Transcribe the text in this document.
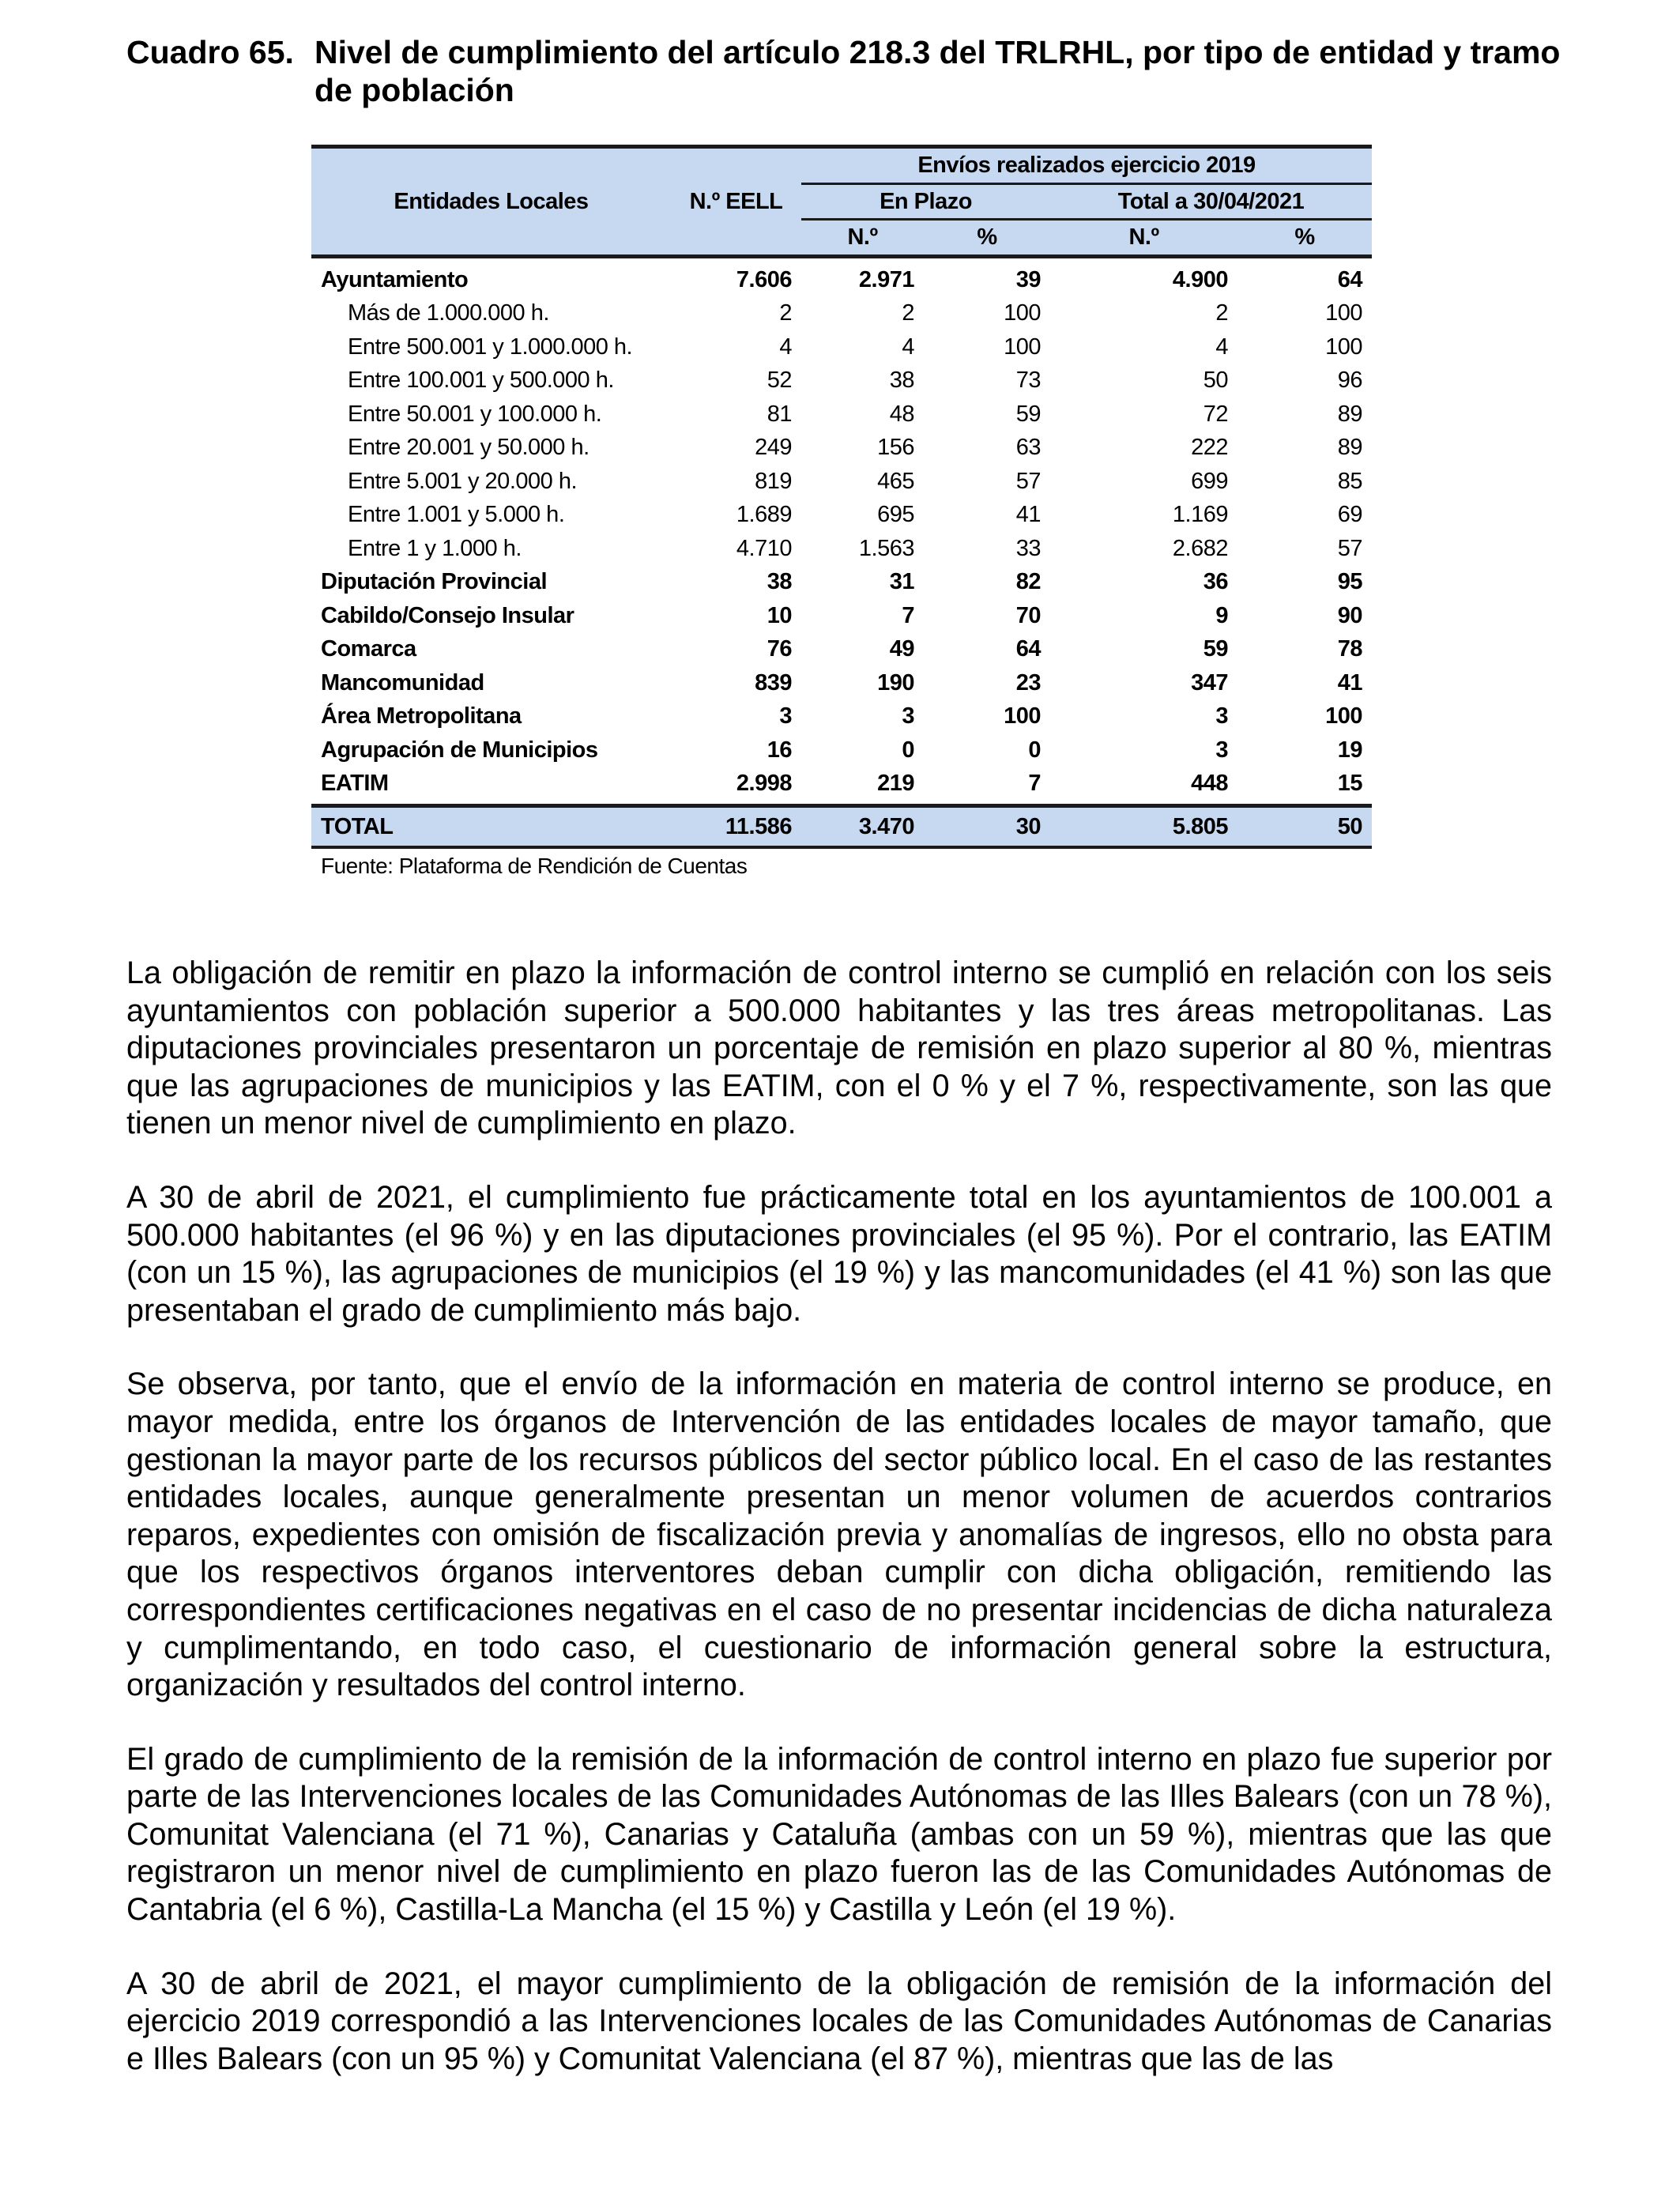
Cuadro 65. Nivel de cumplimiento del artículo 218.3 del TRLRHL, por tipo de entidad y tramo de población
Entidades Locales	N.º EELL	Envíos realizados ejercicio 2019			
		En Plazo		Total a 30/04/2021	
		N.º	%	N.º	%
Ayuntamiento	7.606	2.971	39	4.900	64
Más de 1.000.000 h.	2	2	100	2	100
Entre 500.001 y 1.000.000 h.	4	4	100	4	100
Entre 100.001 y 500.000 h.	52	38	73	50	96
Entre 50.001 y 100.000 h.	81	48	59	72	89
Entre 20.001 y 50.000 h.	249	156	63	222	89
Entre 5.001 y 20.000 h.	819	465	57	699	85
Entre 1.001 y 5.000 h.	1.689	695	41	1.169	69
Entre 1 y 1.000 h.	4.710	1.563	33	2.682	57
Diputación Provincial	38	31	82	36	95
Cabildo/Consejo Insular	10	7	70	9	90
Comarca	76	49	64	59	78
Mancomunidad	839	190	23	347	41
Área Metropolitana	3	3	100	3	100
Agrupación de Municipios	16	0	0	3	19
EATIM	2.998	219	7	448	15
TOTAL	11.586	3.470	30	5.805	50
Fuente: Plataforma de Rendición de Cuentas

La obligación de remitir en plazo la información de control interno se cumplió en relación con los seis ayuntamientos con población superior a 500.000 habitantes y las tres áreas metropolitanas. Las diputaciones provinciales presentaron un porcentaje de remisión en plazo superior al 80 %, mientras que las agrupaciones de municipios y las EATIM, con el 0 % y el 7 %, respectivamente, son las que tienen un menor nivel de cumplimiento en plazo.

A 30 de abril de 2021, el cumplimiento fue prácticamente total en los ayuntamientos de 100.001 a 500.000 habitantes (el 96 %) y en las diputaciones provinciales (el 95 %). Por el contrario, las EATIM (con un 15 %), las agrupaciones de municipios (el 19 %) y las mancomunidades (el 41 %) son las que presentaban el grado de cumplimiento más bajo.

Se observa, por tanto, que el envío de la información en materia de control interno se produce, en mayor medida, entre los órganos de Intervención de las entidades locales de mayor tamaño, que gestionan la mayor parte de los recursos públicos del sector público local. En el caso de las restantes entidades locales, aunque generalmente presentan un menor volumen de acuerdos contrarios reparos, expedientes con omisión de fiscalización previa y anomalías de ingresos, ello no obsta para que los respectivos órganos interventores deban cumplir con dicha obligación, remitiendo las correspondientes certificaciones negativas en el caso de no presentar incidencias de dicha naturaleza y cumplimentando, en todo caso, el cuestionario de información general sobre la estructura, organización y resultados del control interno.

El grado de cumplimiento de la remisión de la información de control interno en plazo fue superior por parte de las Intervenciones locales de las Comunidades Autónomas de las Illes Balears (con un 78 %), Comunitat Valenciana (el 71 %), Canarias y Cataluña (ambas con un 59 %), mientras que las que registraron un menor nivel de cumplimiento en plazo fueron las de las Comunidades Autónomas de Cantabria (el 6 %), Castilla-La Mancha (el 15 %) y Castilla y León (el 19 %).

A 30 de abril de 2021, el mayor cumplimiento de la obligación de remisión de la información del ejercicio 2019 correspondió a las Intervenciones locales de las Comunidades Autónomas de Canarias e Illes Balears (con un 95 %) y Comunitat Valenciana (el 87 %), mientras que las de las
